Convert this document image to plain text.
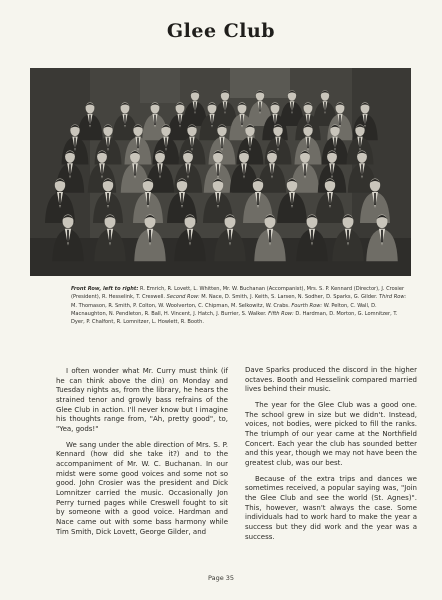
Glee Club
Front Row, left to right: R. Emrich, R. Lovett, L. Whitten, Mr. W. Buchanan (Accompanist), Mrs. S. P. Kennard (Director), J. Crosier (President), R. Hesselink, T. Creswell. Second Row: M. Nace, D. Smith, J. Keith, S. Larsen, N. Sodher, D. Sparks, G. Gilder. Third Row: M. Thomason, R. Smith, P. Colton, W. Woolverton, C. Chipman, M. Selkowitz, W. Crabs. Fourth Row: W. Pelton, C. Wall, D. Macnaughton, N. Pendleton, R. Ball, H. Vincent, J. Hatch, J. Burrier, S. Walker. Fifth Row: D. Hardman, D. Morton, G. Lomnitzer, T. Dyer, P. Chalfont, R. Lomnitzer, L. Howlett, R. Booth.

I often wonder what Mr. Curry must think (if he can think above the din) on Monday and Tuesday nights as, from the library, he hears the strained tenor and growly bass refrains of the Glee Club in action. I'll never know but I imagine his thoughts range from, "Ah, pretty good", to, "Yea, gods!"

We sang under the able direction of Mrs. S. P. Kennard (how did she take it?) and to the accompaniment of Mr. W. C. Buchanan. In our midst were some good voices and some not so good. John Crosier was the president and Dick Lomnitzer carried the music. Occasionally Jon Perry turned pages while Creswell fought to sit by someone with a good voice. Hardman and Nace came out with some bass harmony while Tim Smith, Dick Lovett, George Gilder, and

Dave Sparks produced the discord in the higher octaves. Booth and Hesselink compared married lives behind their music.

The year for the Glee Club was a good one. The school grew in size but we didn't. Instead, voices, not bodies, were picked to fill the ranks. The triumph of our year came at the Northfield Concert. Each year the club has sounded better and this year, though we may not have been the greatest club, was our best.

Because of the extra trips and dances we sometimes received, a popular saying was, "Join the Glee Club and see the world (St. Agnes)". This, however, wasn't always the case. Some individuals had to work hard to make the year a success but they did work and the year was a success.

Page 35
